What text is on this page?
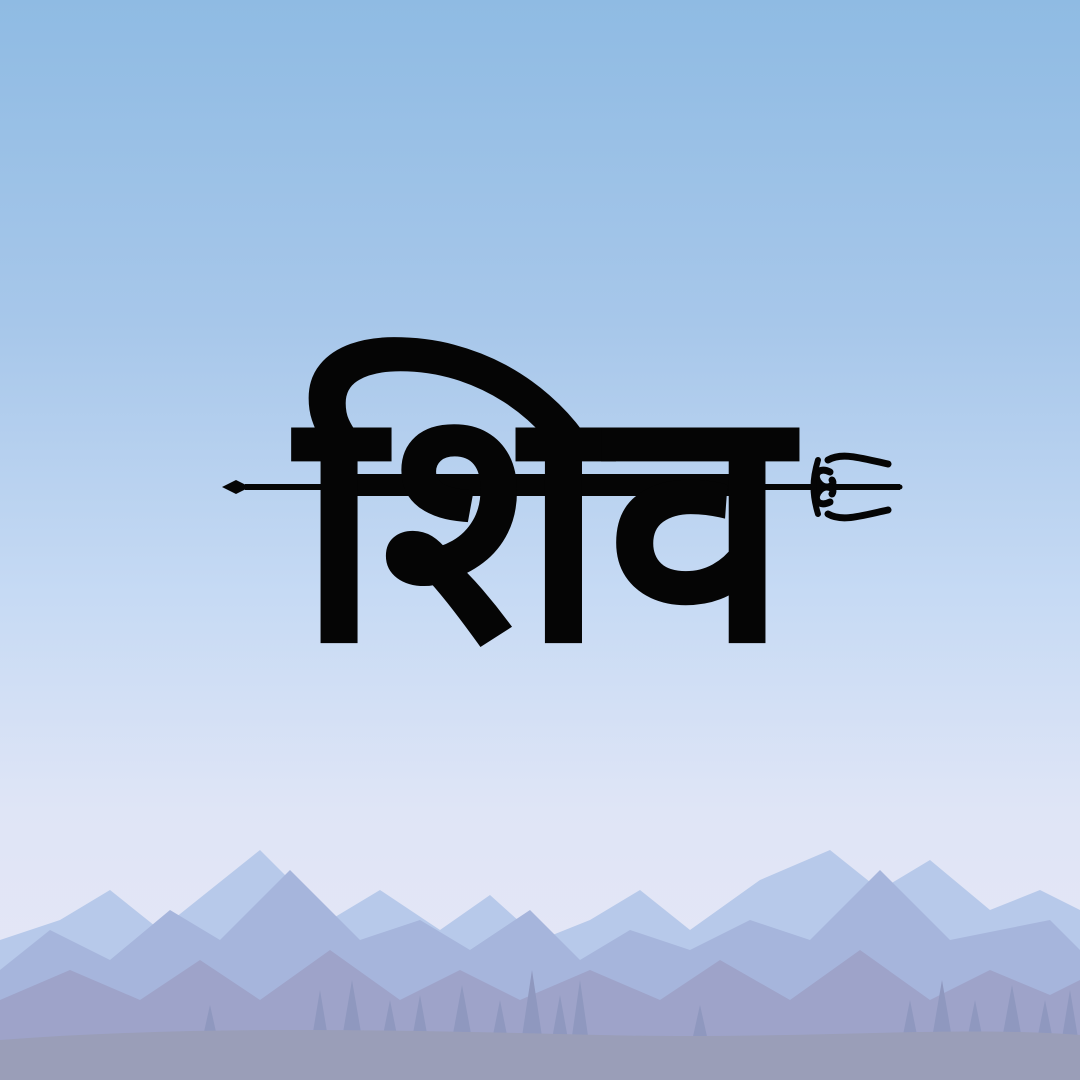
शिव
